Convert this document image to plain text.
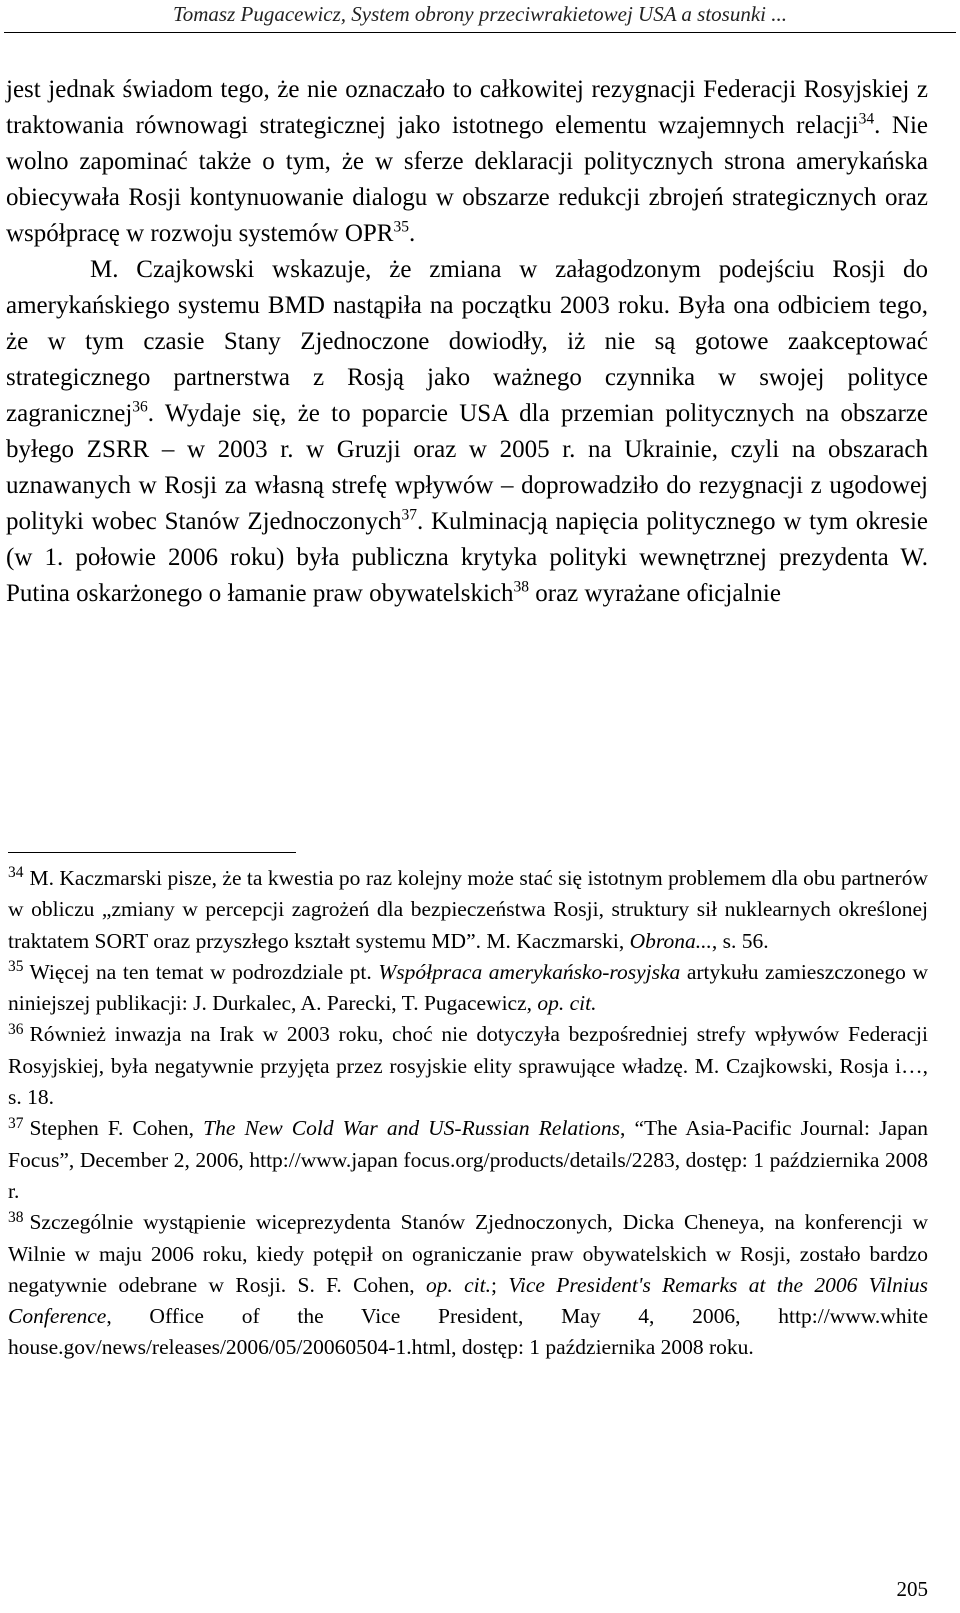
Tomasz Pugacewicz, System obrony przeciwrakietowej USA a stosunki ...

jest jednak świadom tego, że nie oznaczało to całkowitej rezygnacji Federacji Rosyjskiej z traktowania równowagi strategicznej jako istotnego elementu wzajemnych relacji$^{34}$. Nie wolno zapominać także o tym, że w sferze deklaracji politycznych strona amerykańska obiecywała Rosji kontynuowanie dialogu w obszarze redukcji zbrojeń strategicznych oraz współpracę w rozwoju systemów OPR$^{35}$.

M. Czajkowski wskazuje, że zmiana w załagodzonym podejściu Rosji do amerykańskiego systemu BMD nastąpiła na początku 2003 roku. Była ona odbiciem tego, że w tym czasie Stany Zjednoczone dowiodły, iż nie są gotowe zaakceptować strategicznego partnerstwa z Rosją jako ważnego czynnika w swojej polityce zagranicznej$^{36}$. Wydaje się, że to poparcie USA dla przemian politycznych na obszarze byłego ZSRR – w 2003 r. w Gruzji oraz w 2005 r. na Ukrainie, czyli na obszarach uznawanych w Rosji za własną strefę wpływów – doprowadziło do rezygnacji z ugodowej polityki wobec Stanów Zjednoczonych$^{37}$. Kulminacją napięcia politycznego w tym okresie (w 1. połowie 2006 roku) była publiczna krytyka polityki wewnętrznej prezydenta W. Putina oskarżonego o łamanie praw obywatelskich$^{38}$ oraz wyrażane oficjalnie

$^{34}$ M. Kaczmarski pisze, że ta kwestia po raz kolejny może stać się istotnym problemem dla obu partnerów w obliczu „zmiany w percepcji zagrożeń dla bezpieczeństwa Rosji, struktury sił nuklearnych określonej traktatem SORT oraz przyszłego kształt systemu MD”. M. Kaczmarski, Obrona..., s. 56.

$^{35}$ Więcej na ten temat w podrozdziale pt. Współpraca amerykańsko-rosyjska artykułu zamieszczonego w niniejszej publikacji: J. Durkalec, A. Parecki, T. Pugacewicz, op. cit.

$^{36}$ Również inwazja na Irak w 2003 roku, choć nie dotyczyła bezpośredniej strefy wpływów Federacji Rosyjskiej, była negatywnie przyjęta przez rosyjskie elity sprawujące władzę. M. Czajkowski, Rosja i…, s. 18.

$^{37}$ Stephen F. Cohen, The New Cold War and US-Russian Relations, “The Asia-Pacific Journal: Japan Focus”, December 2, 2006, http://www.japan focus.org/products/details/2283, dostęp: 1 października 2008 r.

$^{38}$ Szczególnie wystąpienie wiceprezydenta Stanów Zjednoczonych, Dicka Cheneya, na konferencji w Wilnie w maju 2006 roku, kiedy potępił on ograniczanie praw obywatelskich w Rosji, zostało bardzo negatywnie odebrane w Rosji. S. F. Cohen, op. cit.; Vice President's Remarks at the 2006 Vilnius Conference, Office of the Vice President, May 4, 2006, http://www.white house.gov/news/releases/2006/05/20060504-1.html, dostęp: 1 października 2008 roku.

205
